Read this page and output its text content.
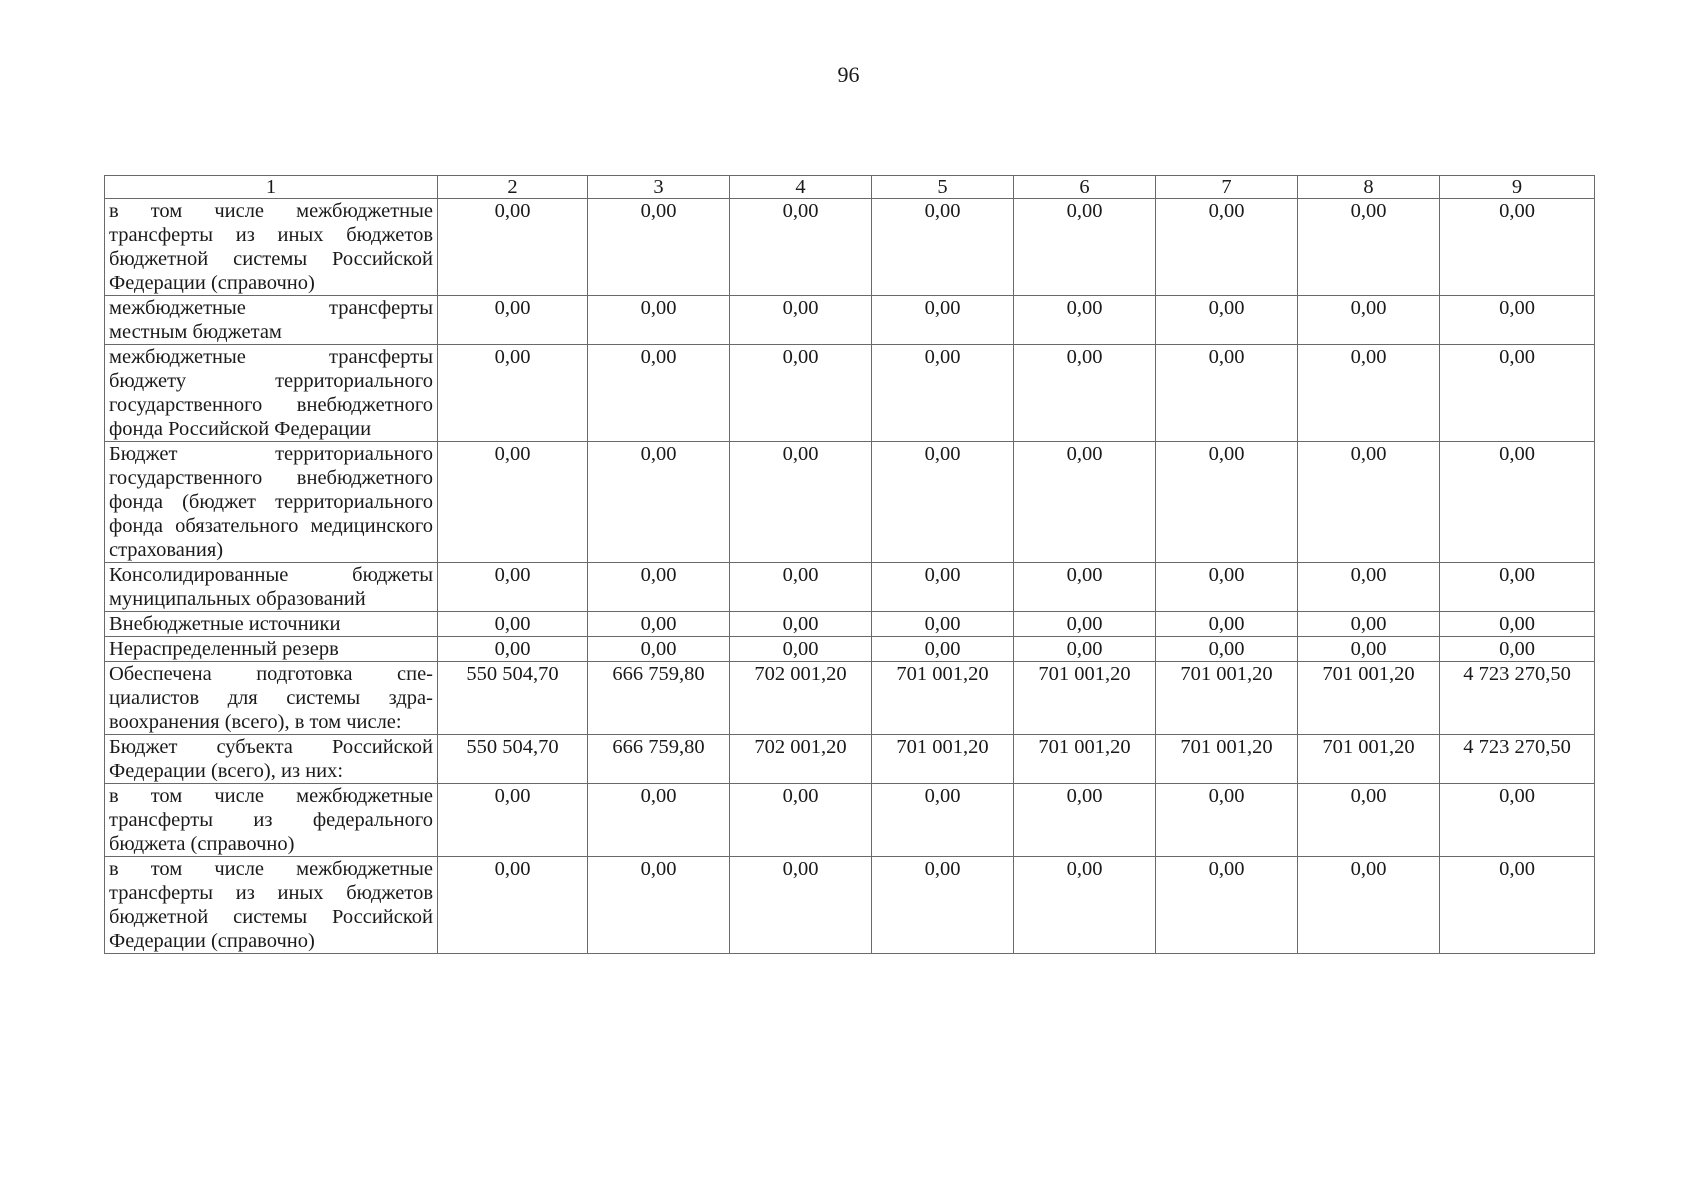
96
1	2	3	4	5	6	7	8	9
в том числе межбюджетные трансферты из иных бюджетов бюджетной системы Российской Федерации (справочно)	0,00	0,00	0,00	0,00	0,00	0,00	0,00	0,00
межбюджетные трансферты местным бюджетам	0,00	0,00	0,00	0,00	0,00	0,00	0,00	0,00
межбюджетные трансферты бюджету территориального государственного внебюджетного фонда Российской Федерации	0,00	0,00	0,00	0,00	0,00	0,00	0,00	0,00
Бюджет территориального государственного внебюджетного фонда (бюджет территориального фонда обязательного медицинского страхования)	0,00	0,00	0,00	0,00	0,00	0,00	0,00	0,00
Консолидированные бюджеты муниципальных образований	0,00	0,00	0,00	0,00	0,00	0,00	0,00	0,00
Внебюджетные источники	0,00	0,00	0,00	0,00	0,00	0,00	0,00	0,00
Нераспределенный резерв	0,00	0,00	0,00	0,00	0,00	0,00	0,00	0,00
Обеспечена подготовка специалистов для системы здравоохранения (всего), в том числе:	550 504,70	666 759,80	702 001,20	701 001,20	701 001,20	701 001,20	701 001,20	4 723 270,50
Бюджет субъекта Российской Федерации (всего), из них:	550 504,70	666 759,80	702 001,20	701 001,20	701 001,20	701 001,20	701 001,20	4 723 270,50
в том числе межбюджетные трансферты из федерального бюджета (справочно)	0,00	0,00	0,00	0,00	0,00	0,00	0,00	0,00
в том числе межбюджетные трансферты из иных бюджетов бюджетной системы Российской Федерации (справочно)	0,00	0,00	0,00	0,00	0,00	0,00	0,00	0,00
